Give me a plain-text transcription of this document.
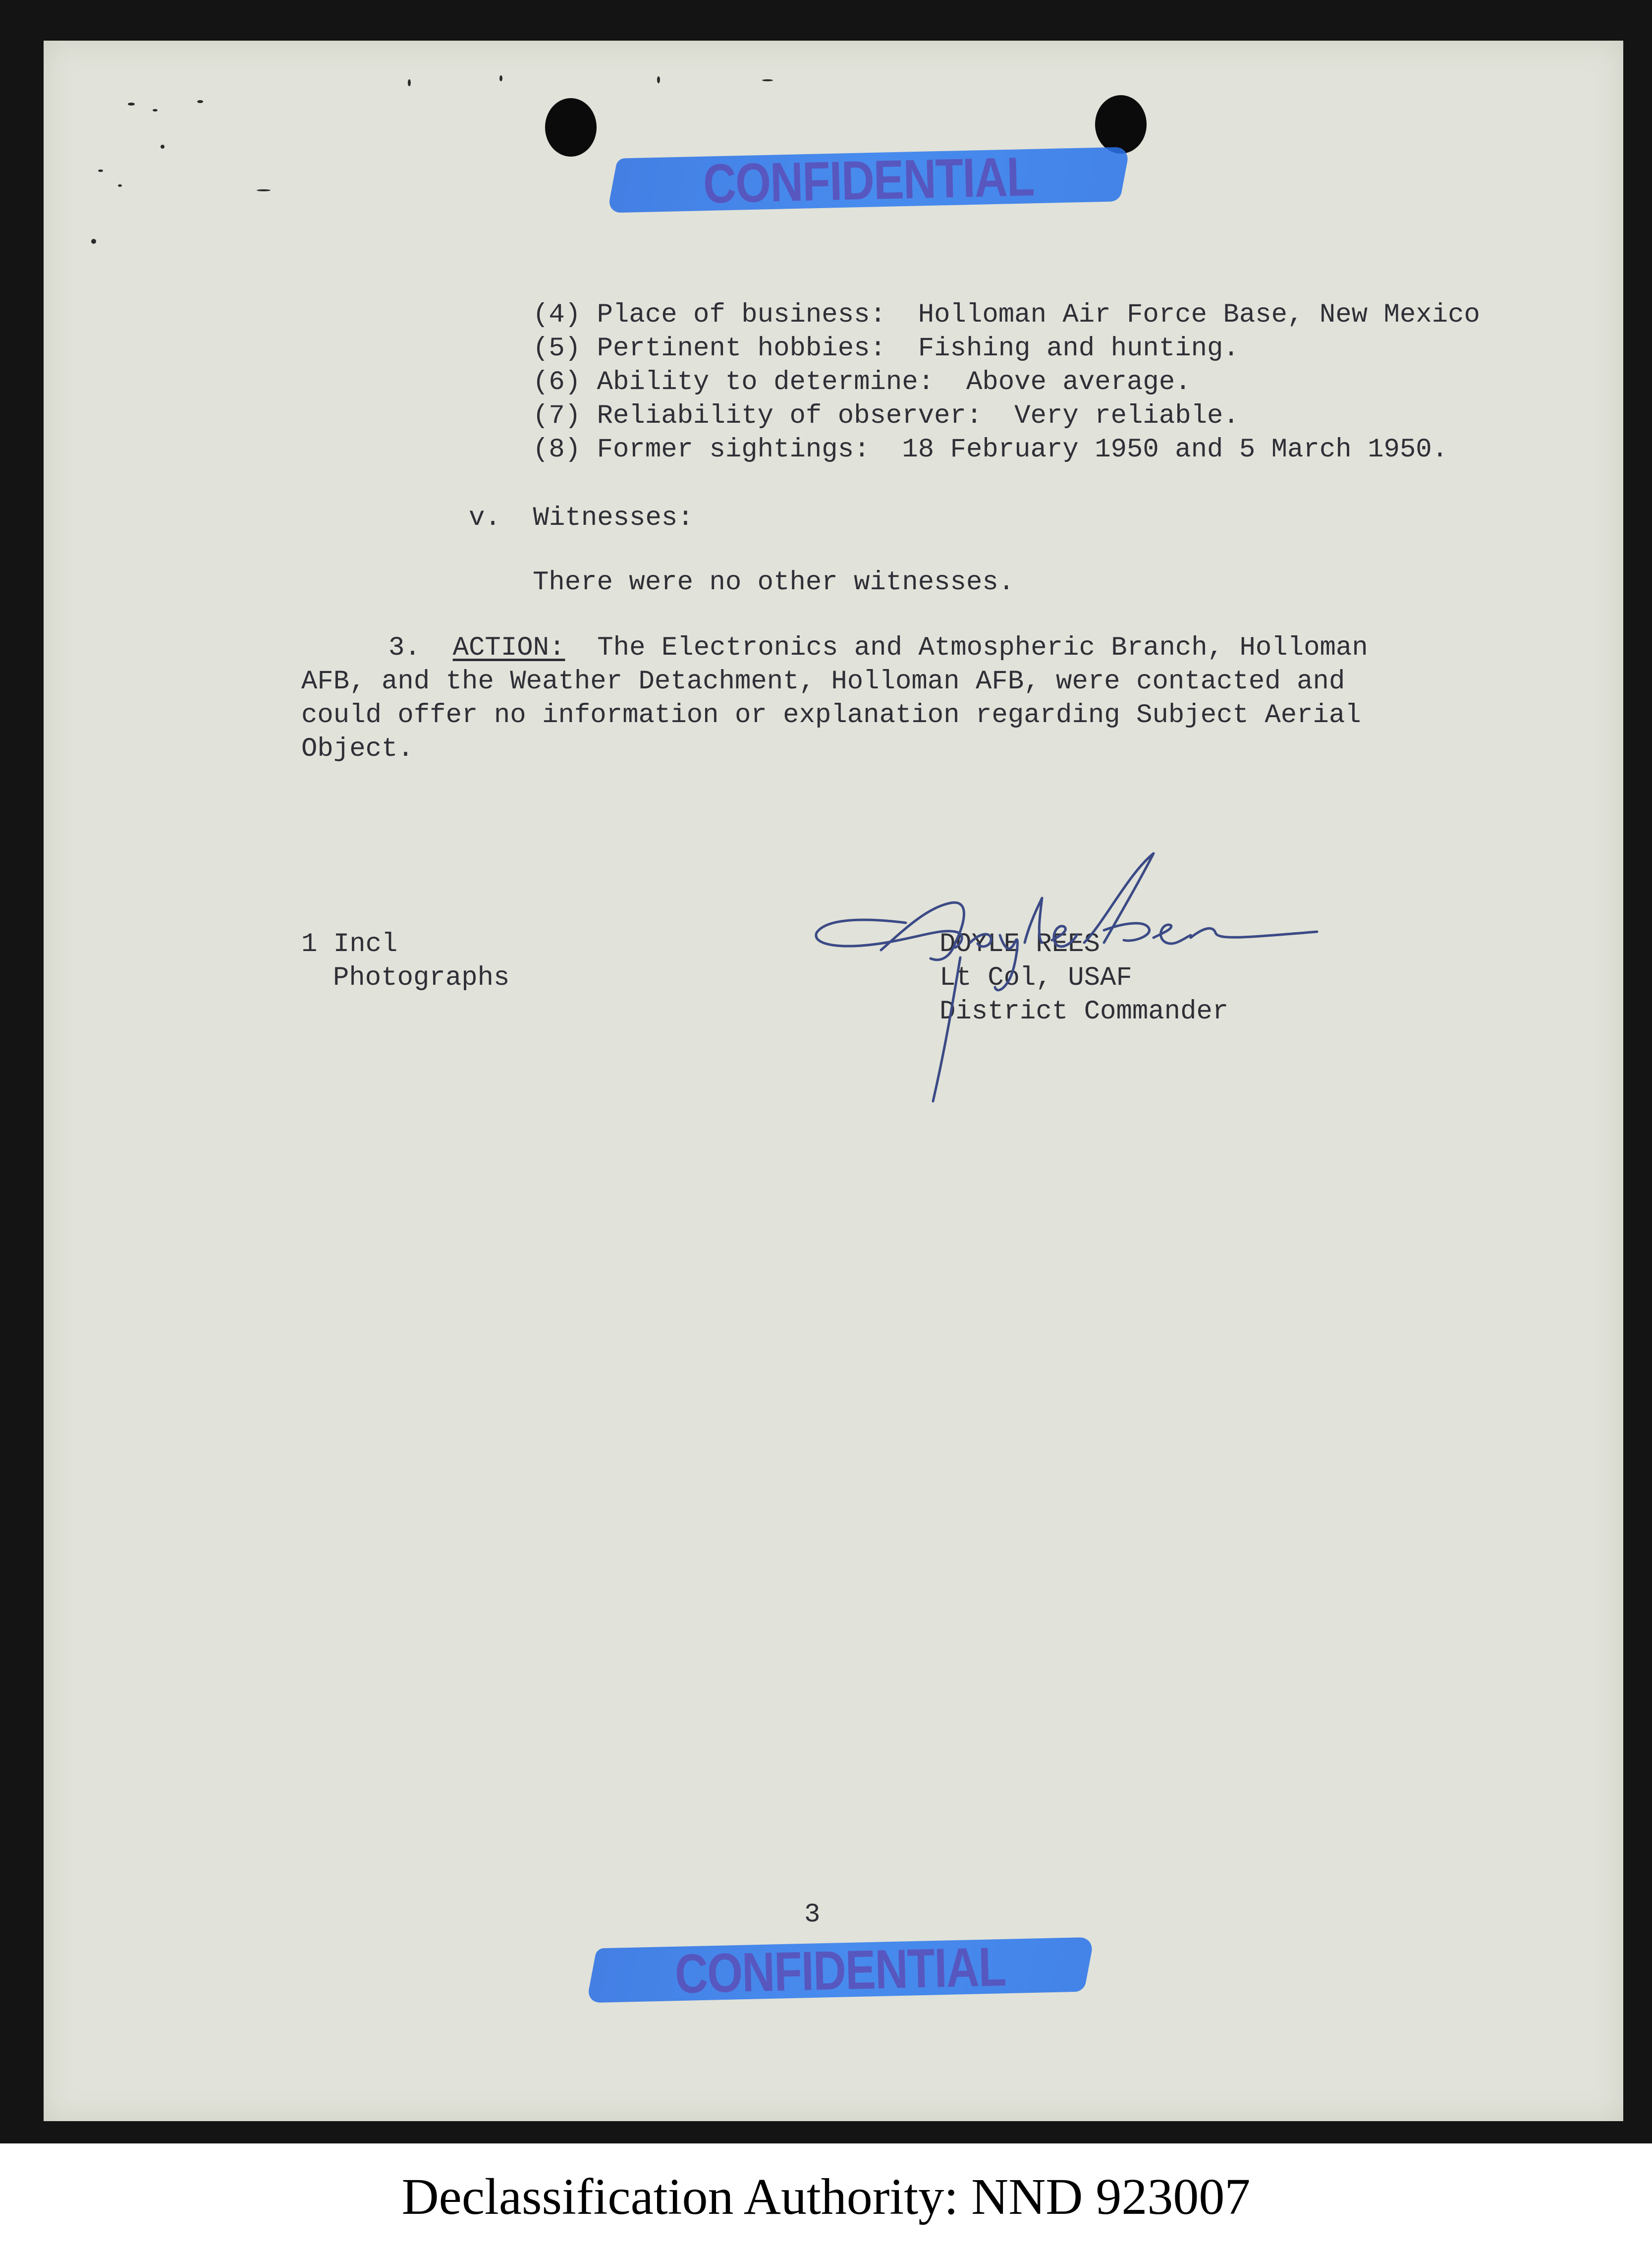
CONFIDENTIAL
(4) Place of business: Holloman Air Force Base, New Mexico
(5) Pertinent hobbies: Fishing and hunting.
(6) Ability to determine: Above average.
(7) Reliability of observer: Very reliable.
(8) Former sightings: 18 February 1950 and 5 March 1950.
v. Witnesses:
There were no other witnesses.
3. ACTION: The Electronics and Atmospheric Branch, Holloman
AFB, and the Weather Detachment, Holloman AFB, were contacted and
could offer no information or explanation regarding Subject Aerial
Object.
1 Incl
Photographs
DOYLE REES
Lt Col, USAF
District Commander
3
CONFIDENTIAL
Declassification Authority: NND 923007
